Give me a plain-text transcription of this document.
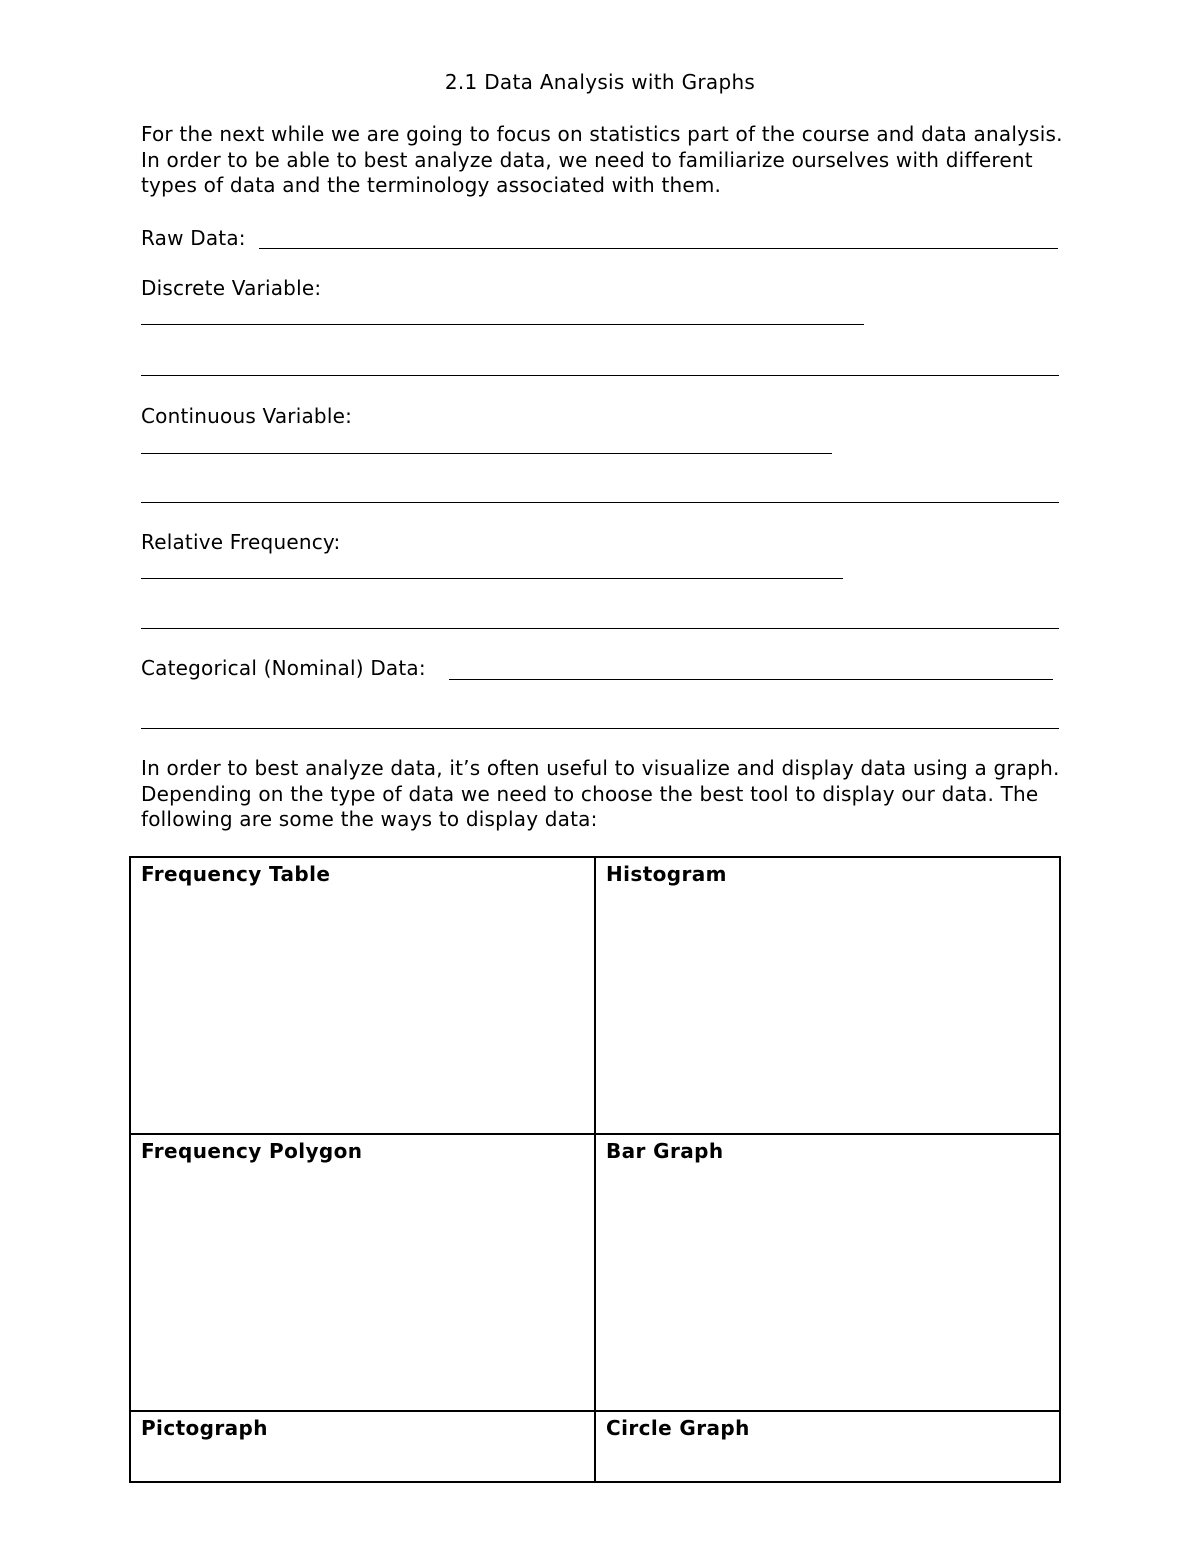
2.1 Data Analysis with Graphs

For the next while we are going to focus on statistics part of the course and data analysis. In order to be able to best analyze data, we need to familiarize ourselves with different types of data and the terminology associated with them.

Raw Data:
Discrete Variable:
Continuous Variable:
Relative Frequency:
Categorical (Nominal) Data:

In order to best analyze data, it’s often useful to visualize and display data using a graph. Depending on the type of data we need to choose the best tool to display our data. The following are some the ways to display data:

Frequency Table	Histogram
Frequency Polygon	Bar Graph
Pictograph	Circle Graph
